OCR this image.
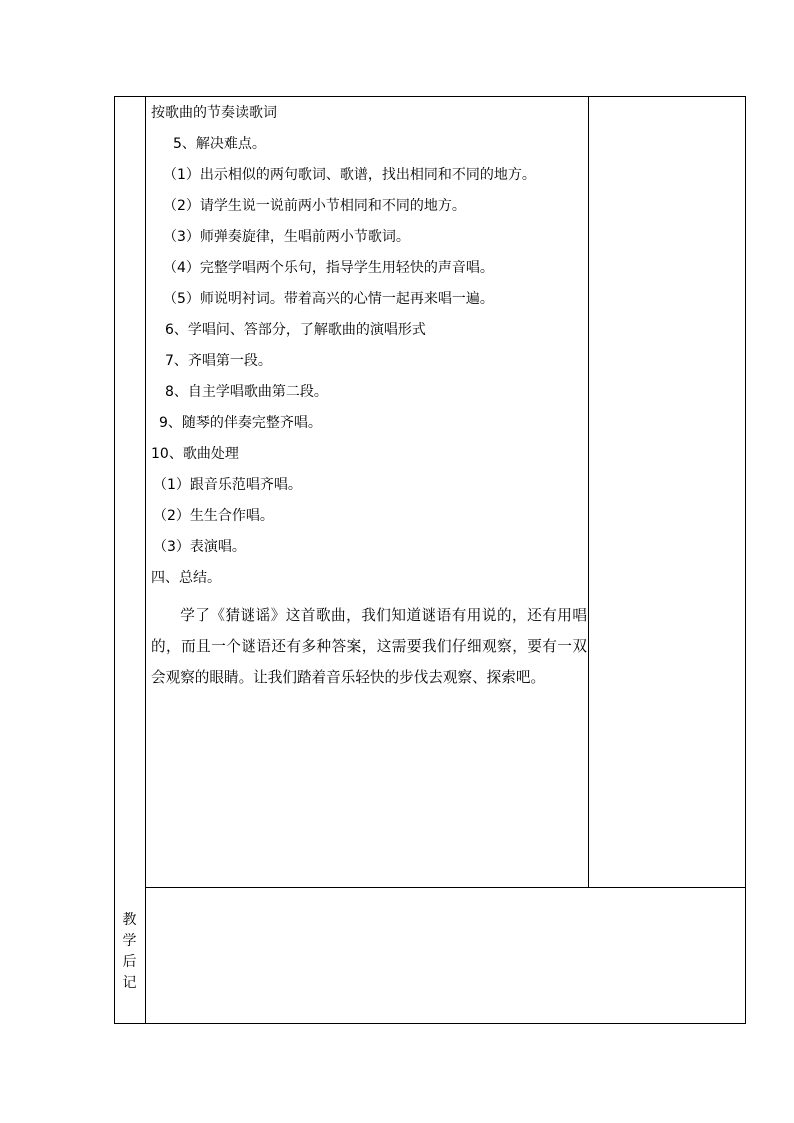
按歌曲的节奏读歌词
5、解决难点。
（1）出示相似的两句歌词、歌谱，找出相同和不同的地方。
（2）请学生说一说前两小节相同和不同的地方。
（3）师弹奏旋律，生唱前两小节歌词。
（4）完整学唱两个乐句，指导学生用轻快的声音唱。
（5）师说明衬词。带着高兴的心情一起再来唱一遍。
6、学唱问、答部分，了解歌曲的演唱形式
7、齐唱第一段。
8、自主学唱歌曲第二段。
9、随琴的伴奏完整齐唱。
10、歌曲处理
（1）跟音乐范唱齐唱。
（2）生生合作唱。
（3）表演唱。
四、总结。
学了《猜谜谣》这首歌曲，我们知道谜语有用说的，还有用唱的，而且一个谜语还有多种答案，这需要我们仔细观察，要有一双会观察的眼睛。让我们踏着音乐轻快的步伐去观察、探索吧。
教
学
后
记
